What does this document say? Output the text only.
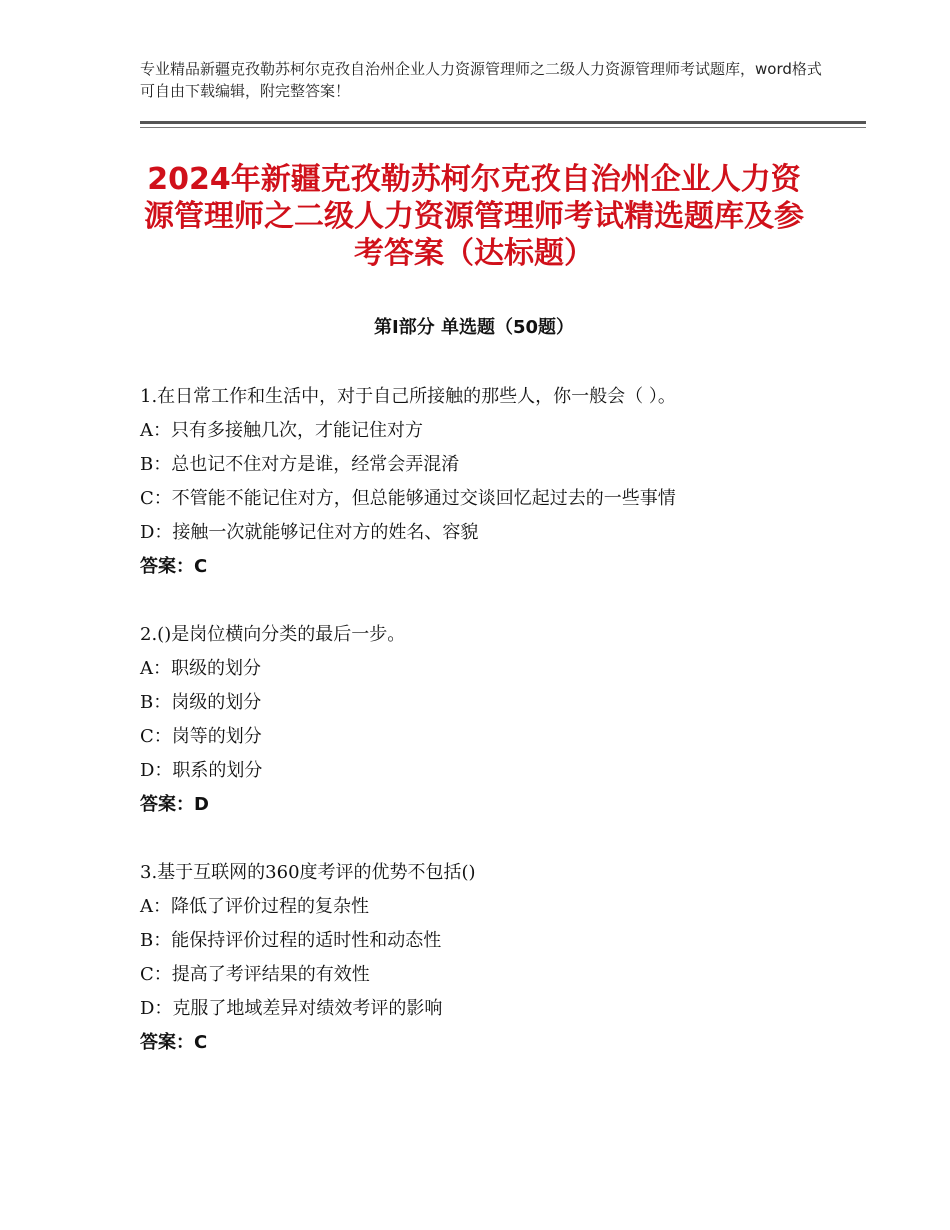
专业精品新疆克孜勒苏柯尔克孜自治州企业人力资源管理师之二级人力资源管理师考试题库，word格式可自由下载编辑，附完整答案！
2024年新疆克孜勒苏柯尔克孜自治州企业人力资源管理师之二级人力资源管理师考试精选题库及参考答案（达标题）
第Ⅰ部分 单选题（50题）
1.在日常工作和生活中，对于自己所接触的那些人，你一般会（ ）。
A：只有多接触几次，才能记住对方
B：总也记不住对方是谁，经常会弄混淆
C：不管能不能记住对方，但总能够通过交谈回忆起过去的一些事情
D：接触一次就能够记住对方的姓名、容貌
答案：C
2.()是岗位横向分类的最后一步。
A：职级的划分
B：岗级的划分
C：岗等的划分
D：职系的划分
答案：D
3.基于互联网的360度考评的优势不包括()
A：降低了评价过程的复杂性
B：能保持评价过程的适时性和动态性
C：提高了考评结果的有效性
D：克服了地域差异对绩效考评的影响
答案：C
